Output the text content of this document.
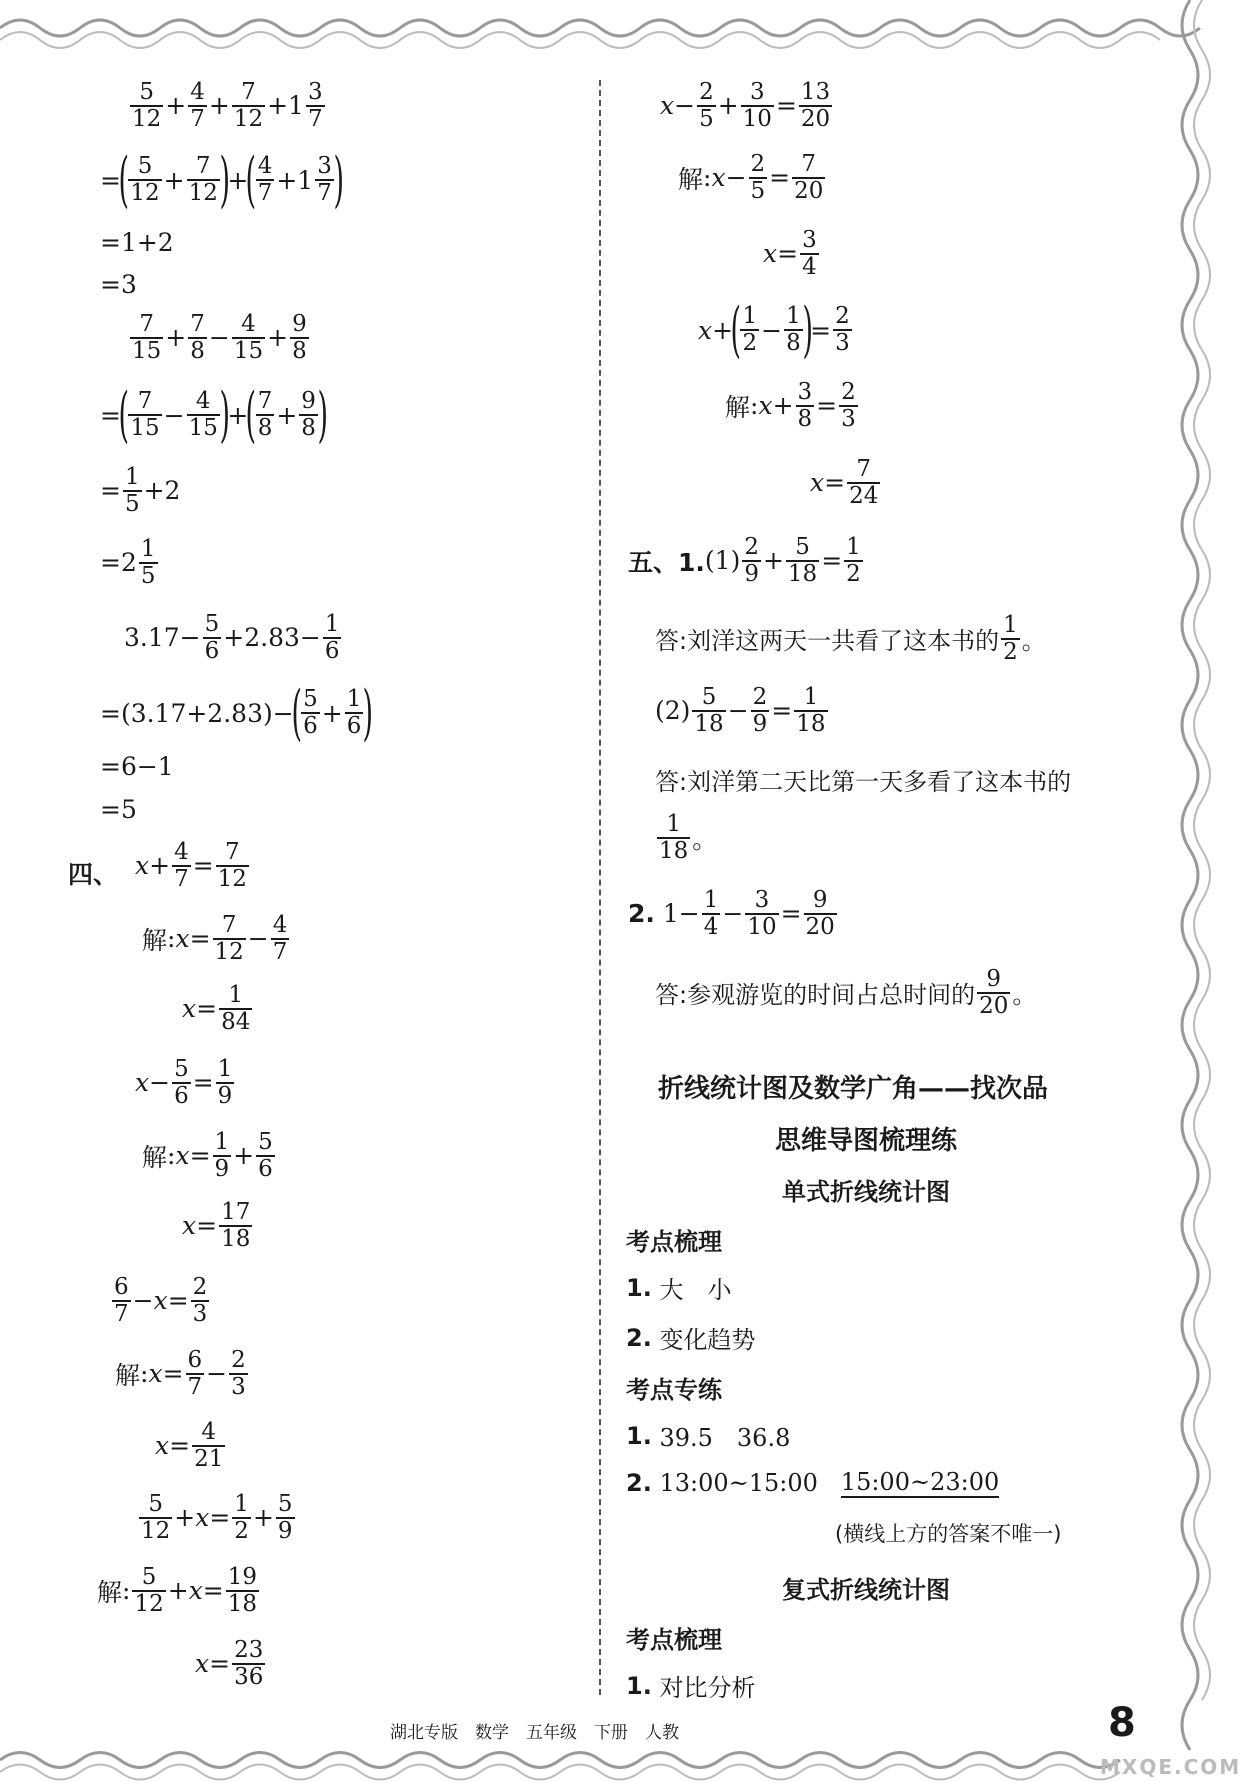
$\frac{5}{12} + \frac{4}{7} + \frac{7}{12} +1 \frac{3}{7}$
=
( $\frac{5}{12} + \frac{7}{12}$ )
+
( $\frac{4}{7} +1 \frac{3}{7}$ )
=1+2
=3
$\frac{7}{15} + \frac{7}{8} - \frac{4}{15} + \frac{9}{8}$
=
( $\frac{7}{15} - \frac{4}{15}$ )
+
( $\frac{7}{8} + \frac{9}{8}$ )
= $\frac{1}{5} +2$
$=2 \frac{1}{5}$
$3.17- \frac{5}{6} +2.83- \frac{1}{6}$
=(3.17+2.83)−
( $\frac{5}{6} + \frac{1}{6}$ )
=6−1
=5
四、 $x + \frac{4}{7} = \frac{7}{12}$
解 : $x = \frac{7}{12} - \frac{4}{7}$
$x = \frac{1}{84}$
$x - \frac{5}{6} = \frac{1}{9}$
解 : $x = \frac{1}{9} + \frac{5}{6}$
$x = \frac{17}{18}$
$\frac{6}{7} - x = \frac{2}{3}$
解 : $x = \frac{6}{7} - \frac{2}{3}$
$x = \frac{4}{21}$
$\frac{5}{12} + x = \frac{1}{2} + \frac{5}{9}$
解 : $\frac{5}{12} + x = \frac{19}{18}$
$x = \frac{23}{36}$
$x - \frac{2}{5} + \frac{3}{10} = \frac{13}{20}$
解 : $x - \frac{2}{5} = \frac{7}{20}$
$x = \frac{3}{4}$
x +
( $\frac{1}{2} - \frac{1}{8}$ )
= $\frac{2}{3}$
解 : $x + \frac{3}{8} = \frac{2}{3}$
$x = \frac{7}{24}$
五、1. $(1) \frac{2}{9} + \frac{5}{18} = \frac{1}{2}$
答:刘洋这两天一共看了这本书的 $\frac{1}{2}$ 。
$(2) \frac{5}{18} - \frac{2}{9} = \frac{1}{18}$
答:刘洋第二天比第一天多看了这本书的
$\frac{1}{18}$ 。
2.
$1- \frac{1}{4} - \frac{3}{10} = \frac{9}{20}$
答:参观游览的时间占总时间的 $\frac{9}{20}$ 。
折线统计图及数学广角——找次品
思维导图梳理练
单式折线统计图
考点梳理
1.
大　小
2.
变化趋势
考点专练
1.
39.5　36.8
2.
13:00~15:00
15:00~23:00
(横线上方的答案不唯一)
复式折线统计图
考点梳理
1.
对比分析
湖北专版　数学　五年级　下册　人教	8
MXQE.COM
